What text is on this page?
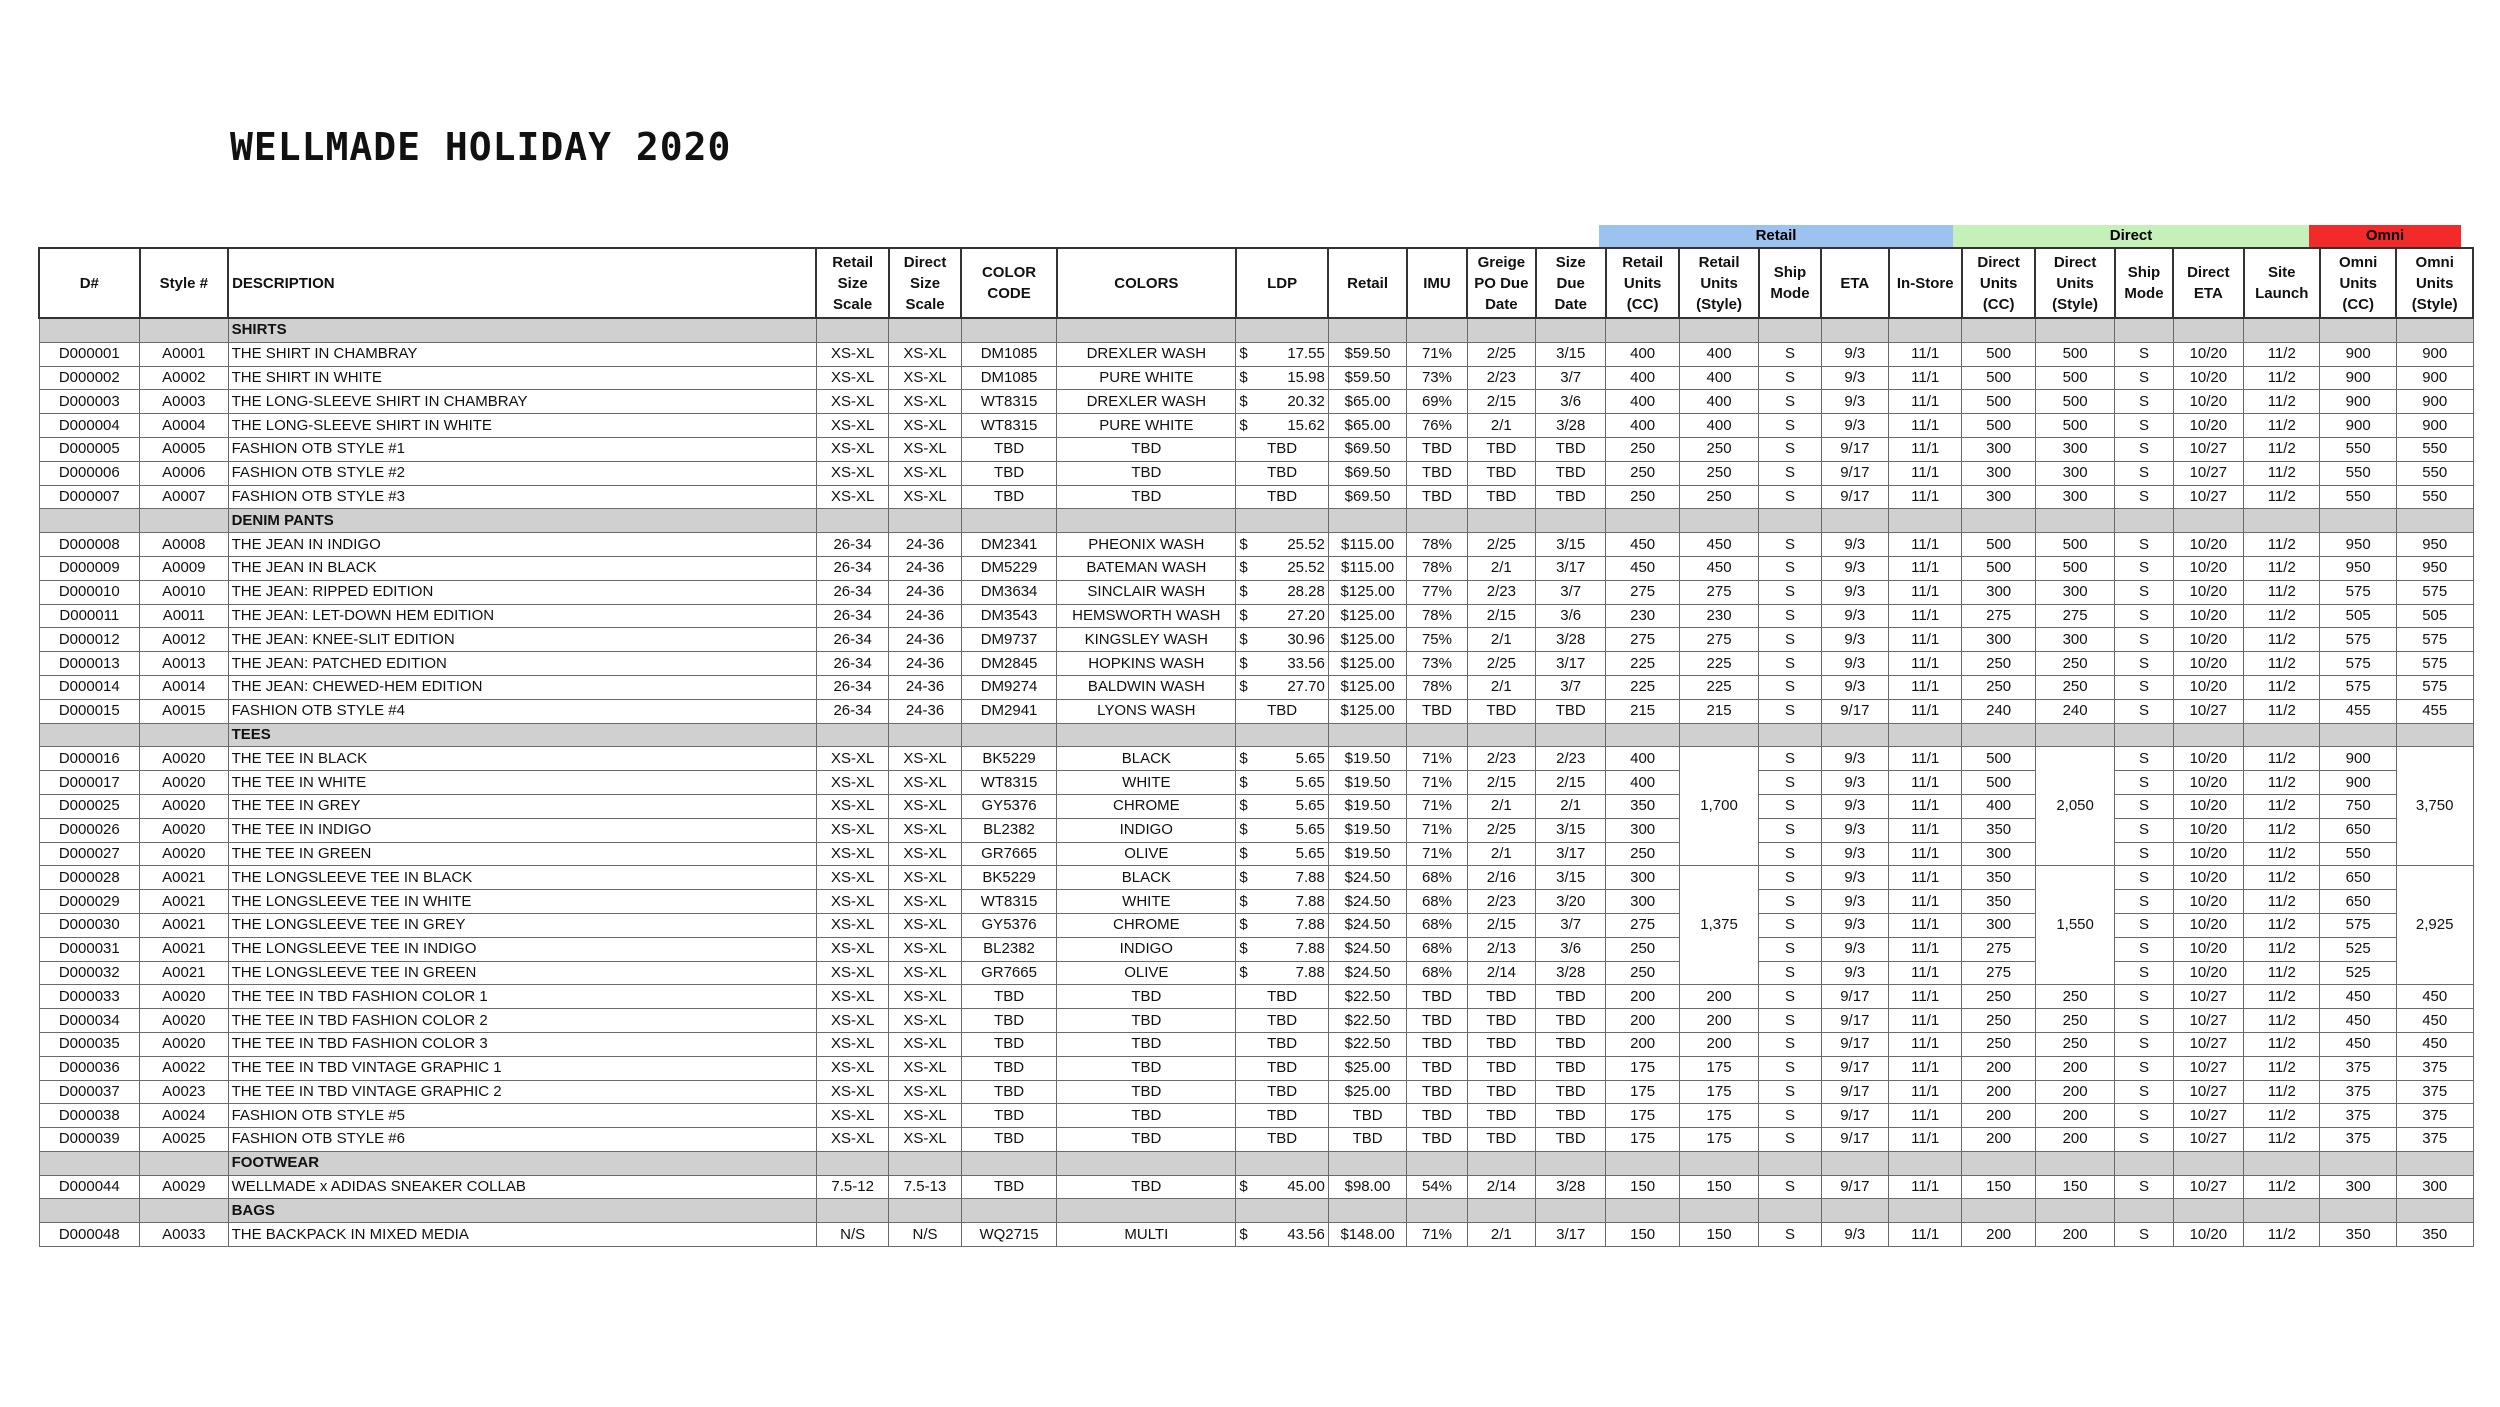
WELLMADE HOLIDAY 2020
Retail	Direct	Omni
D#	Style #	DESCRIPTION	Retail Size Scale	Direct Size Scale	COLOR CODE	COLORS	LDP	Retail	IMU	Greige PO Due Date	Size Due Date	Retail Units (CC)	Retail Units (Style)	Ship Mode	ETA	In-Store	Direct Units (CC)	Direct Units (Style)	Ship Mode	Direct ETA	Site Launch	Omni Units (CC)	Omni Units (Style)
		SHIRTS																					
D000001	A0001	THE SHIRT IN CHAMBRAY	XS-XL	XS-XL	DM1085	DREXLER WASH	$ 17.55	$59.50	71%	2/25	3/15	400	400	S	9/3	11/1	500	500	S	10/20	11/2	900	900
D000002	A0002	THE SHIRT IN WHITE	XS-XL	XS-XL	DM1085	PURE WHITE	$ 15.98	$59.50	73%	2/23	3/7	400	400	S	9/3	11/1	500	500	S	10/20	11/2	900	900
D000003	A0003	THE LONG-SLEEVE SHIRT IN CHAMBRAY	XS-XL	XS-XL	WT8315	DREXLER WASH	$ 20.32	$65.00	69%	2/15	3/6	400	400	S	9/3	11/1	500	500	S	10/20	11/2	900	900
D000004	A0004	THE LONG-SLEEVE SHIRT IN WHITE	XS-XL	XS-XL	WT8315	PURE WHITE	$ 15.62	$65.00	76%	2/1	3/28	400	400	S	9/3	11/1	500	500	S	10/20	11/2	900	900
D000005	A0005	FASHION OTB STYLE #1	XS-XL	XS-XL	TBD	TBD	TBD	$69.50	TBD	TBD	TBD	250	250	S	9/17	11/1	300	300	S	10/27	11/2	550	550
D000006	A0006	FASHION OTB STYLE #2	XS-XL	XS-XL	TBD	TBD	TBD	$69.50	TBD	TBD	TBD	250	250	S	9/17	11/1	300	300	S	10/27	11/2	550	550
D000007	A0007	FASHION OTB STYLE #3	XS-XL	XS-XL	TBD	TBD	TBD	$69.50	TBD	TBD	TBD	250	250	S	9/17	11/1	300	300	S	10/27	11/2	550	550
		DENIM PANTS																					
D000008	A0008	THE JEAN IN INDIGO	26-34	24-36	DM2341	PHEONIX WASH	$ 25.52	$115.00	78%	2/25	3/15	450	450	S	9/3	11/1	500	500	S	10/20	11/2	950	950
D000009	A0009	THE JEAN IN BLACK	26-34	24-36	DM5229	BATEMAN WASH	$ 25.52	$115.00	78%	2/1	3/17	450	450	S	9/3	11/1	500	500	S	10/20	11/2	950	950
D000010	A0010	THE JEAN: RIPPED EDITION	26-34	24-36	DM3634	SINCLAIR WASH	$ 28.28	$125.00	77%	2/23	3/7	275	275	S	9/3	11/1	300	300	S	10/20	11/2	575	575
D000011	A0011	THE JEAN: LET-DOWN HEM EDITION	26-34	24-36	DM3543	HEMSWORTH WASH	$ 27.20	$125.00	78%	2/15	3/6	230	230	S	9/3	11/1	275	275	S	10/20	11/2	505	505
D000012	A0012	THE JEAN: KNEE-SLIT EDITION	26-34	24-36	DM9737	KINGSLEY WASH	$ 30.96	$125.00	75%	2/1	3/28	275	275	S	9/3	11/1	300	300	S	10/20	11/2	575	575
D000013	A0013	THE JEAN: PATCHED EDITION	26-34	24-36	DM2845	HOPKINS WASH	$ 33.56	$125.00	73%	2/25	3/17	225	225	S	9/3	11/1	250	250	S	10/20	11/2	575	575
D000014	A0014	THE JEAN: CHEWED-HEM EDITION	26-34	24-36	DM9274	BALDWIN WASH	$ 27.70	$125.00	78%	2/1	3/7	225	225	S	9/3	11/1	250	250	S	10/20	11/2	575	575
D000015	A0015	FASHION OTB STYLE #4	26-34	24-36	DM2941	LYONS WASH	TBD	$125.00	TBD	TBD	TBD	215	215	S	9/17	11/1	240	240	S	10/27	11/2	455	455
		TEES																					
D000016	A0020	THE TEE IN BLACK	XS-XL	XS-XL	BK5229	BLACK	$ 5.65	$19.50	71%	2/23	2/23	400	1,700	S	9/3	11/1	500	2,050	S	10/20	11/2	900	3,750
D000017	A0020	THE TEE IN WHITE	XS-XL	XS-XL	WT8315	WHITE	$ 5.65	$19.50	71%	2/15	2/15	400		S	9/3	11/1	500		S	10/20	11/2	900	
D000025	A0020	THE TEE IN GREY	XS-XL	XS-XL	GY5376	CHROME	$ 5.65	$19.50	71%	2/1	2/1	350		S	9/3	11/1	400		S	10/20	11/2	750	
D000026	A0020	THE TEE IN INDIGO	XS-XL	XS-XL	BL2382	INDIGO	$ 5.65	$19.50	71%	2/25	3/15	300		S	9/3	11/1	350		S	10/20	11/2	650	
D000027	A0020	THE TEE IN GREEN	XS-XL	XS-XL	GR7665	OLIVE	$ 5.65	$19.50	71%	2/1	3/17	250		S	9/3	11/1	300		S	10/20	11/2	550	
D000028	A0021	THE LONGSLEEVE TEE IN BLACK	XS-XL	XS-XL	BK5229	BLACK	$ 7.88	$24.50	68%	2/16	3/15	300	1,375	S	9/3	11/1	350	1,550	S	10/20	11/2	650	2,925
D000029	A0021	THE LONGSLEEVE TEE IN WHITE	XS-XL	XS-XL	WT8315	WHITE	$ 7.88	$24.50	68%	2/23	3/20	300		S	9/3	11/1	350		S	10/20	11/2	650	
D000030	A0021	THE LONGSLEEVE TEE IN GREY	XS-XL	XS-XL	GY5376	CHROME	$ 7.88	$24.50	68%	2/15	3/7	275		S	9/3	11/1	300		S	10/20	11/2	575	
D000031	A0021	THE LONGSLEEVE TEE IN INDIGO	XS-XL	XS-XL	BL2382	INDIGO	$ 7.88	$24.50	68%	2/13	3/6	250		S	9/3	11/1	275		S	10/20	11/2	525	
D000032	A0021	THE LONGSLEEVE TEE IN GREEN	XS-XL	XS-XL	GR7665	OLIVE	$ 7.88	$24.50	68%	2/14	3/28	250		S	9/3	11/1	275		S	10/20	11/2	525	
D000033	A0020	THE TEE IN TBD FASHION COLOR 1	XS-XL	XS-XL	TBD	TBD	TBD	$22.50	TBD	TBD	TBD	200	200	S	9/17	11/1	250	250	S	10/27	11/2	450	450
D000034	A0020	THE TEE IN TBD FASHION COLOR 2	XS-XL	XS-XL	TBD	TBD	TBD	$22.50	TBD	TBD	TBD	200	200	S	9/17	11/1	250	250	S	10/27	11/2	450	450
D000035	A0020	THE TEE IN TBD FASHION COLOR 3	XS-XL	XS-XL	TBD	TBD	TBD	$22.50	TBD	TBD	TBD	200	200	S	9/17	11/1	250	250	S	10/27	11/2	450	450
D000036	A0022	THE TEE IN TBD VINTAGE GRAPHIC 1	XS-XL	XS-XL	TBD	TBD	TBD	$25.00	TBD	TBD	TBD	175	175	S	9/17	11/1	200	200	S	10/27	11/2	375	375
D000037	A0023	THE TEE IN TBD VINTAGE GRAPHIC 2	XS-XL	XS-XL	TBD	TBD	TBD	$25.00	TBD	TBD	TBD	175	175	S	9/17	11/1	200	200	S	10/27	11/2	375	375
D000038	A0024	FASHION OTB STYLE #5	XS-XL	XS-XL	TBD	TBD	TBD	TBD	TBD	TBD	TBD	175	175	S	9/17	11/1	200	200	S	10/27	11/2	375	375
D000039	A0025	FASHION OTB STYLE #6	XS-XL	XS-XL	TBD	TBD	TBD	TBD	TBD	TBD	TBD	175	175	S	9/17	11/1	200	200	S	10/27	11/2	375	375
		FOOTWEAR																					
D000044	A0029	WELLMADE x ADIDAS SNEAKER COLLAB	7.5-12	7.5-13	TBD	TBD	$ 45.00	$98.00	54%	2/14	3/28	150	150	S	9/17	11/1	150	150	S	10/27	11/2	300	300
		BAGS																					
D000048	A0033	THE BACKPACK IN MIXED MEDIA	N/S	N/S	WQ2715	MULTI	$ 43.56	$148.00	71%	2/1	3/17	150	150	S	9/3	11/1	200	200	S	10/20	11/2	350	350
